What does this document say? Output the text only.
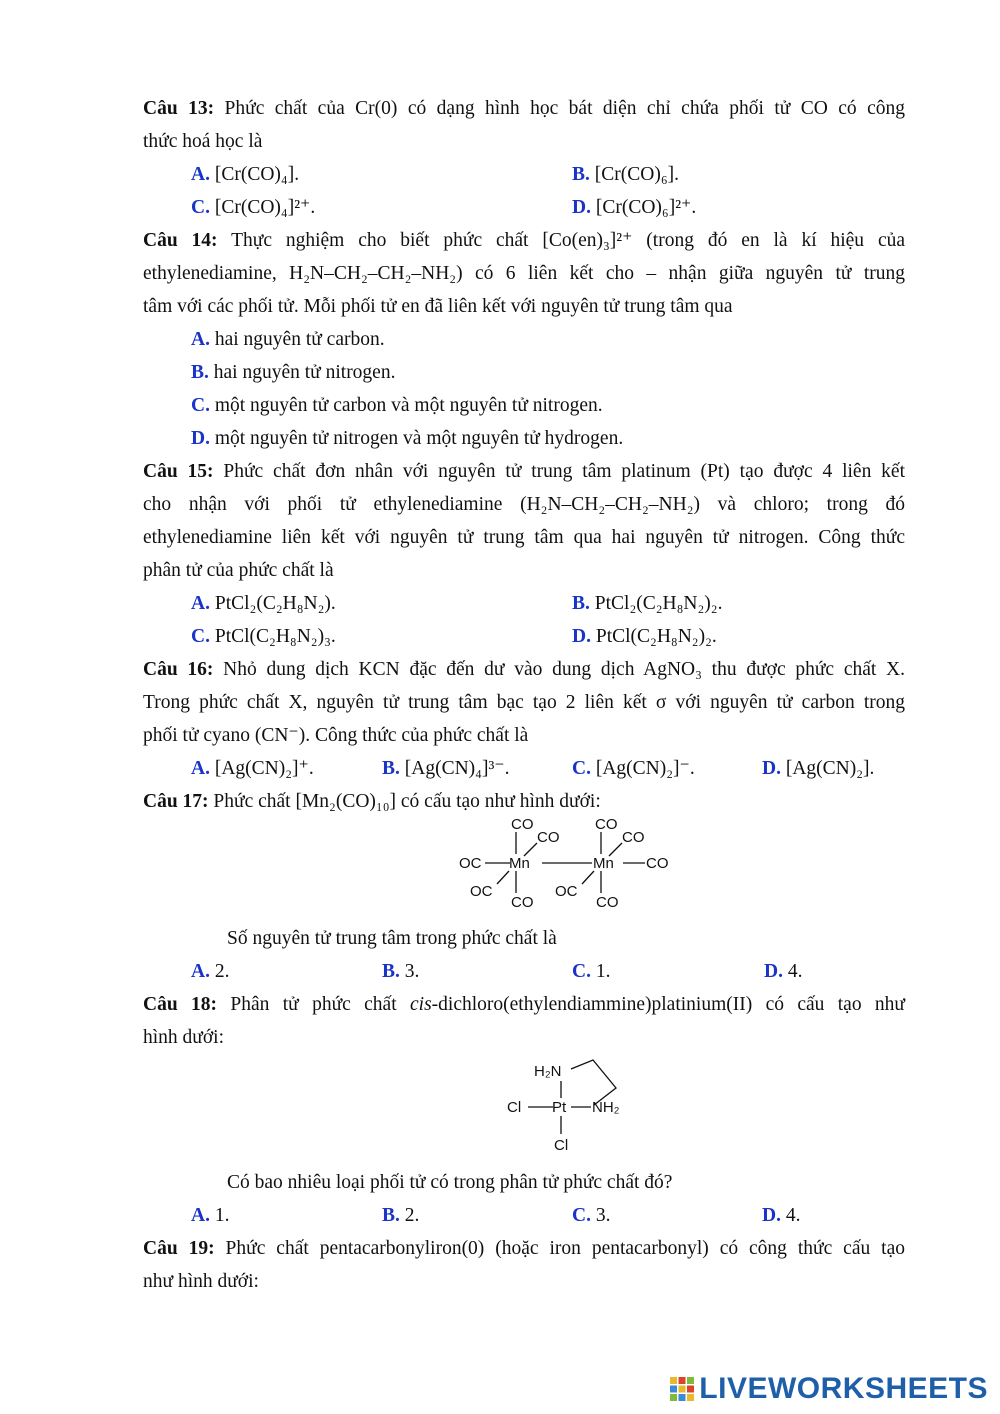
Câu 13: Phức chất của Cr(0) có dạng hình học bát diện chỉ chứa phối tử CO có công
thức hoá học là
A. [Cr(CO)₄].	B. [Cr(CO)₆].
C. [Cr(CO)₄]²⁺.	D. [Cr(CO)₆]²⁺.
Câu 14: Thực nghiệm cho biết phức chất [Co(en)₃]²⁺ (trong đó en là kí hiệu của
ethylenediamine, H₂N–CH₂–CH₂–NH₂) có 6 liên kết cho – nhận giữa nguyên tử trung
tâm với các phối tử. Mỗi phối tử en đã liên kết với nguyên tử trung tâm qua
A. hai nguyên tử carbon.
B. hai nguyên tử nitrogen.
C. một nguyên tử carbon và một nguyên tử nitrogen.
D. một nguyên tử nitrogen và một nguyên tử hydrogen.
Câu 15: Phức chất đơn nhân với nguyên tử trung tâm platinum (Pt) tạo được 4 liên kết
cho nhận với phối tử ethylenediamine (H₂N–CH₂–CH₂–NH₂) và chloro; trong đó
ethylenediamine liên kết với nguyên tử trung tâm qua hai nguyên tử nitrogen. Công thức
phân tử của phức chất là
A. PtCl₂(C₂H₈N₂).	B. PtCl₂(C₂H₈N₂)₂.
C. PtCl(C₂H₈N₂)₃.	D. PtCl(C₂H₈N₂)₂.
Câu 16: Nhỏ dung dịch KCN đặc đến dư vào dung dịch AgNO₃ thu được phức chất X.
Trong phức chất X, nguyên tử trung tâm bạc tạo 2 liên kết σ với nguyên tử carbon trong
phối tử cyano (CN⁻). Công thức của phức chất là
A. [Ag(CN)₂]⁺.	B. [Ag(CN)₄]³⁻.	C. [Ag(CN)₂]⁻.	D. [Ag(CN)₂].
Câu 17: Phức chất [Mn₂(CO)₁₀] có cấu tạo như hình dưới:
CO
CO
OC Mn
OC
CO
CO
CO
Mn CO
OC
CO
Số nguyên tử trung tâm trong phức chất là
A. 2.	B. 3.	C. 1.	D. 4.
Câu 18: Phân tử phức chất cis-dichloro(ethylendiammine)platinium(II) có cấu tạo như
hình dưới:
H₂N
Cl Pt NH₂
Cl
Có bao nhiêu loại phối tử có trong phân tử phức chất đó?
A. 1.	B. 2.	C. 3.	D. 4.
Câu 19: Phức chất pentacarbonyliron(0) (hoặc iron pentacarbonyl) có công thức cấu tạo
như hình dưới:
LIVEWORKSHEETS
